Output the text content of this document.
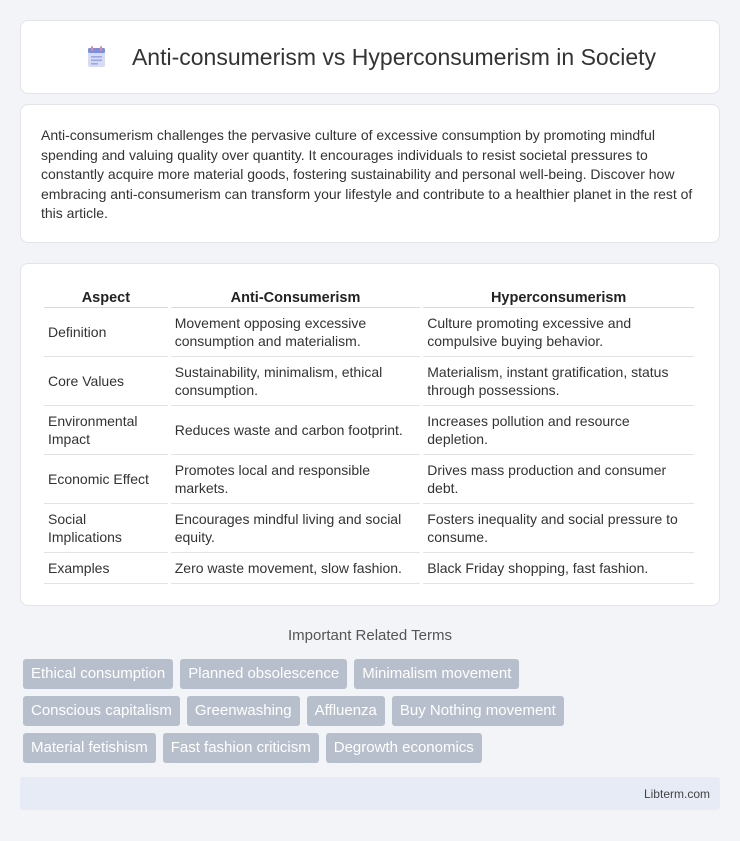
Anti-consumerism vs Hyperconsumerism in Society

Anti-consumerism challenges the pervasive culture of excessive consumption by promoting mindful spending and valuing quality over quantity. It encourages individuals to resist societal pressures to constantly acquire more material goods, fostering sustainability and personal well-being. Discover how embracing anti-consumerism can transform your lifestyle and contribute to a healthier planet in the rest of this article.

Aspect	Anti-Consumerism	Hyperconsumerism
Definition	Movement opposing excessive consumption and materialism.	Culture promoting excessive and compulsive buying behavior.
Core Values	Sustainability, minimalism, ethical consumption.	Materialism, instant gratification, status through possessions.
Environmental Impact	Reduces waste and carbon footprint.	Increases pollution and resource depletion.
Economic Effect	Promotes local and responsible markets.	Drives mass production and consumer debt.
Social Implications	Encourages mindful living and social equity.	Fosters inequality and social pressure to consume.
Examples	Zero waste movement, slow fashion.	Black Friday shopping, fast fashion.
Important Related Terms
Ethical consumption	Planned obsolescence	Minimalism movement
Conscious capitalism	Greenwashing	Affluenza	Buy Nothing movement
Material fetishism	Fast fashion criticism	Degrowth economics
Libterm.com
